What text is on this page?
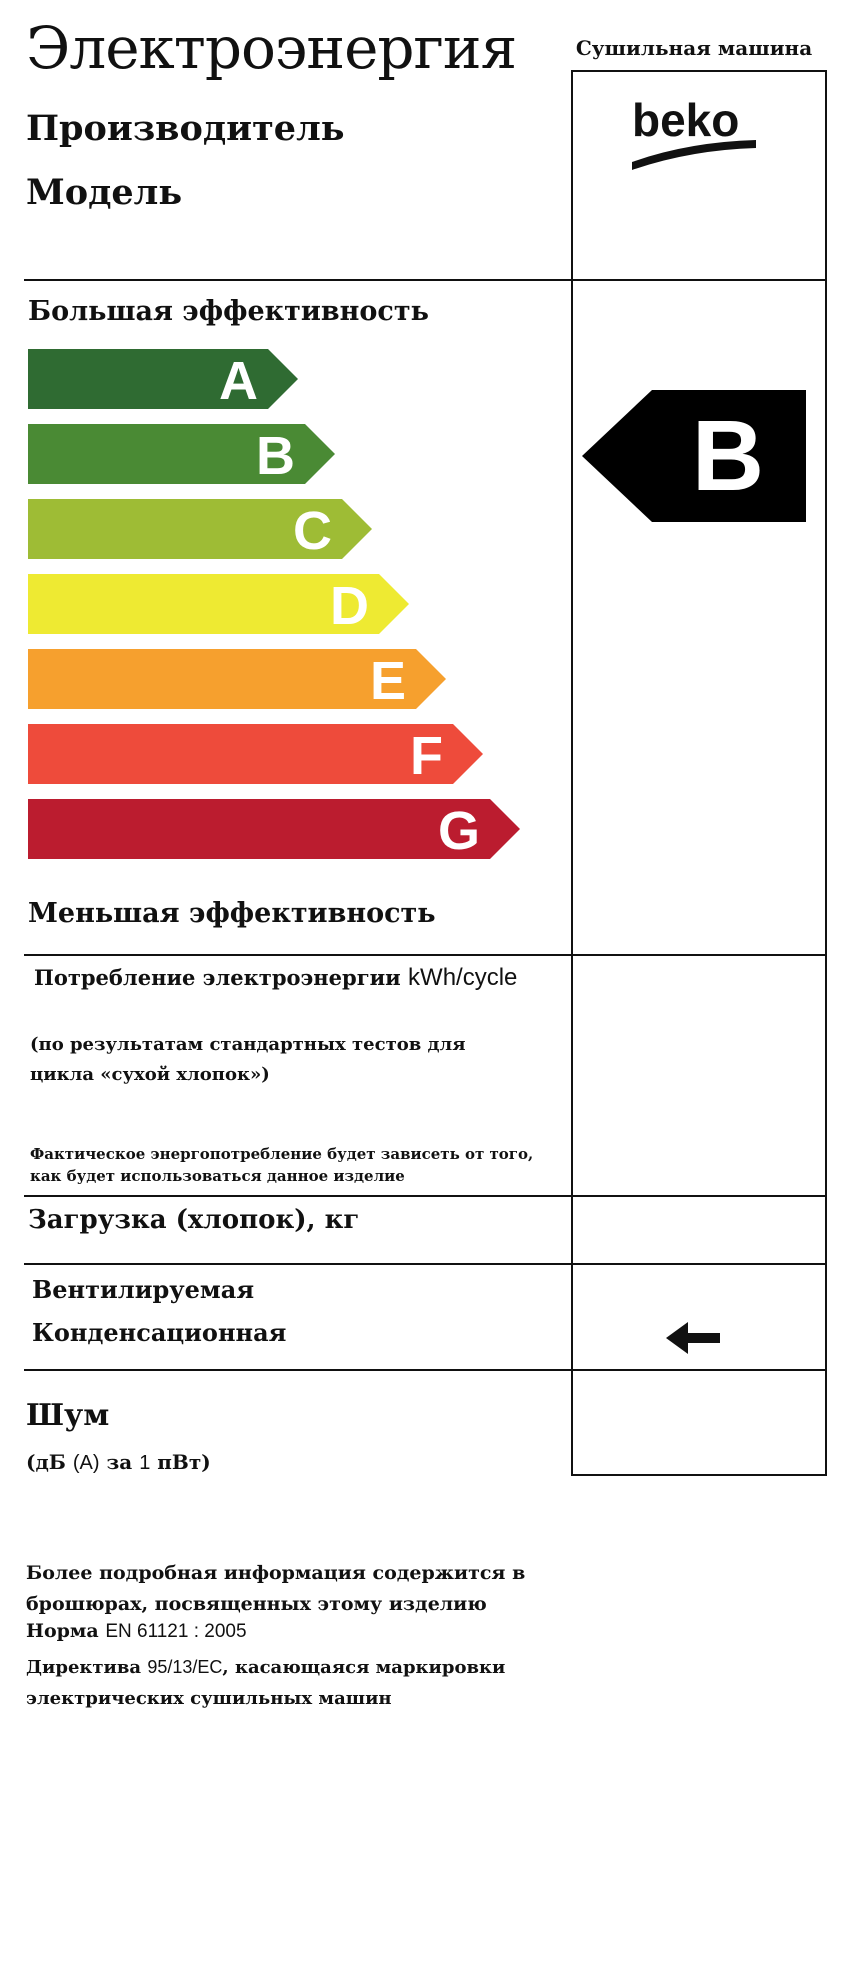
Электроэнергия	Сушильная машина
beko
Производитель
Модель
Большая эффективность
A
B
C
D
E
F
G
Меньшая эффективность
B
Потребление электроэнергии kWh/cycle
(по результатам стандартных тестов для
цикла «сухой хлопок»)
Фактическое энергопотребление будет зависеть от того,
как будет использоваться данное изделие
Загрузка (хлопок), кг
Вентилируемая
Конденсационная
Шум
(дБ (A) за 1 пВт)
Более подробная информация содержится в
брошюрах, посвященных этому изделию
Норма EN 61121 : 2005
Директива 95/13/EC, касающаяся маркировки
электрических сушильных машин
